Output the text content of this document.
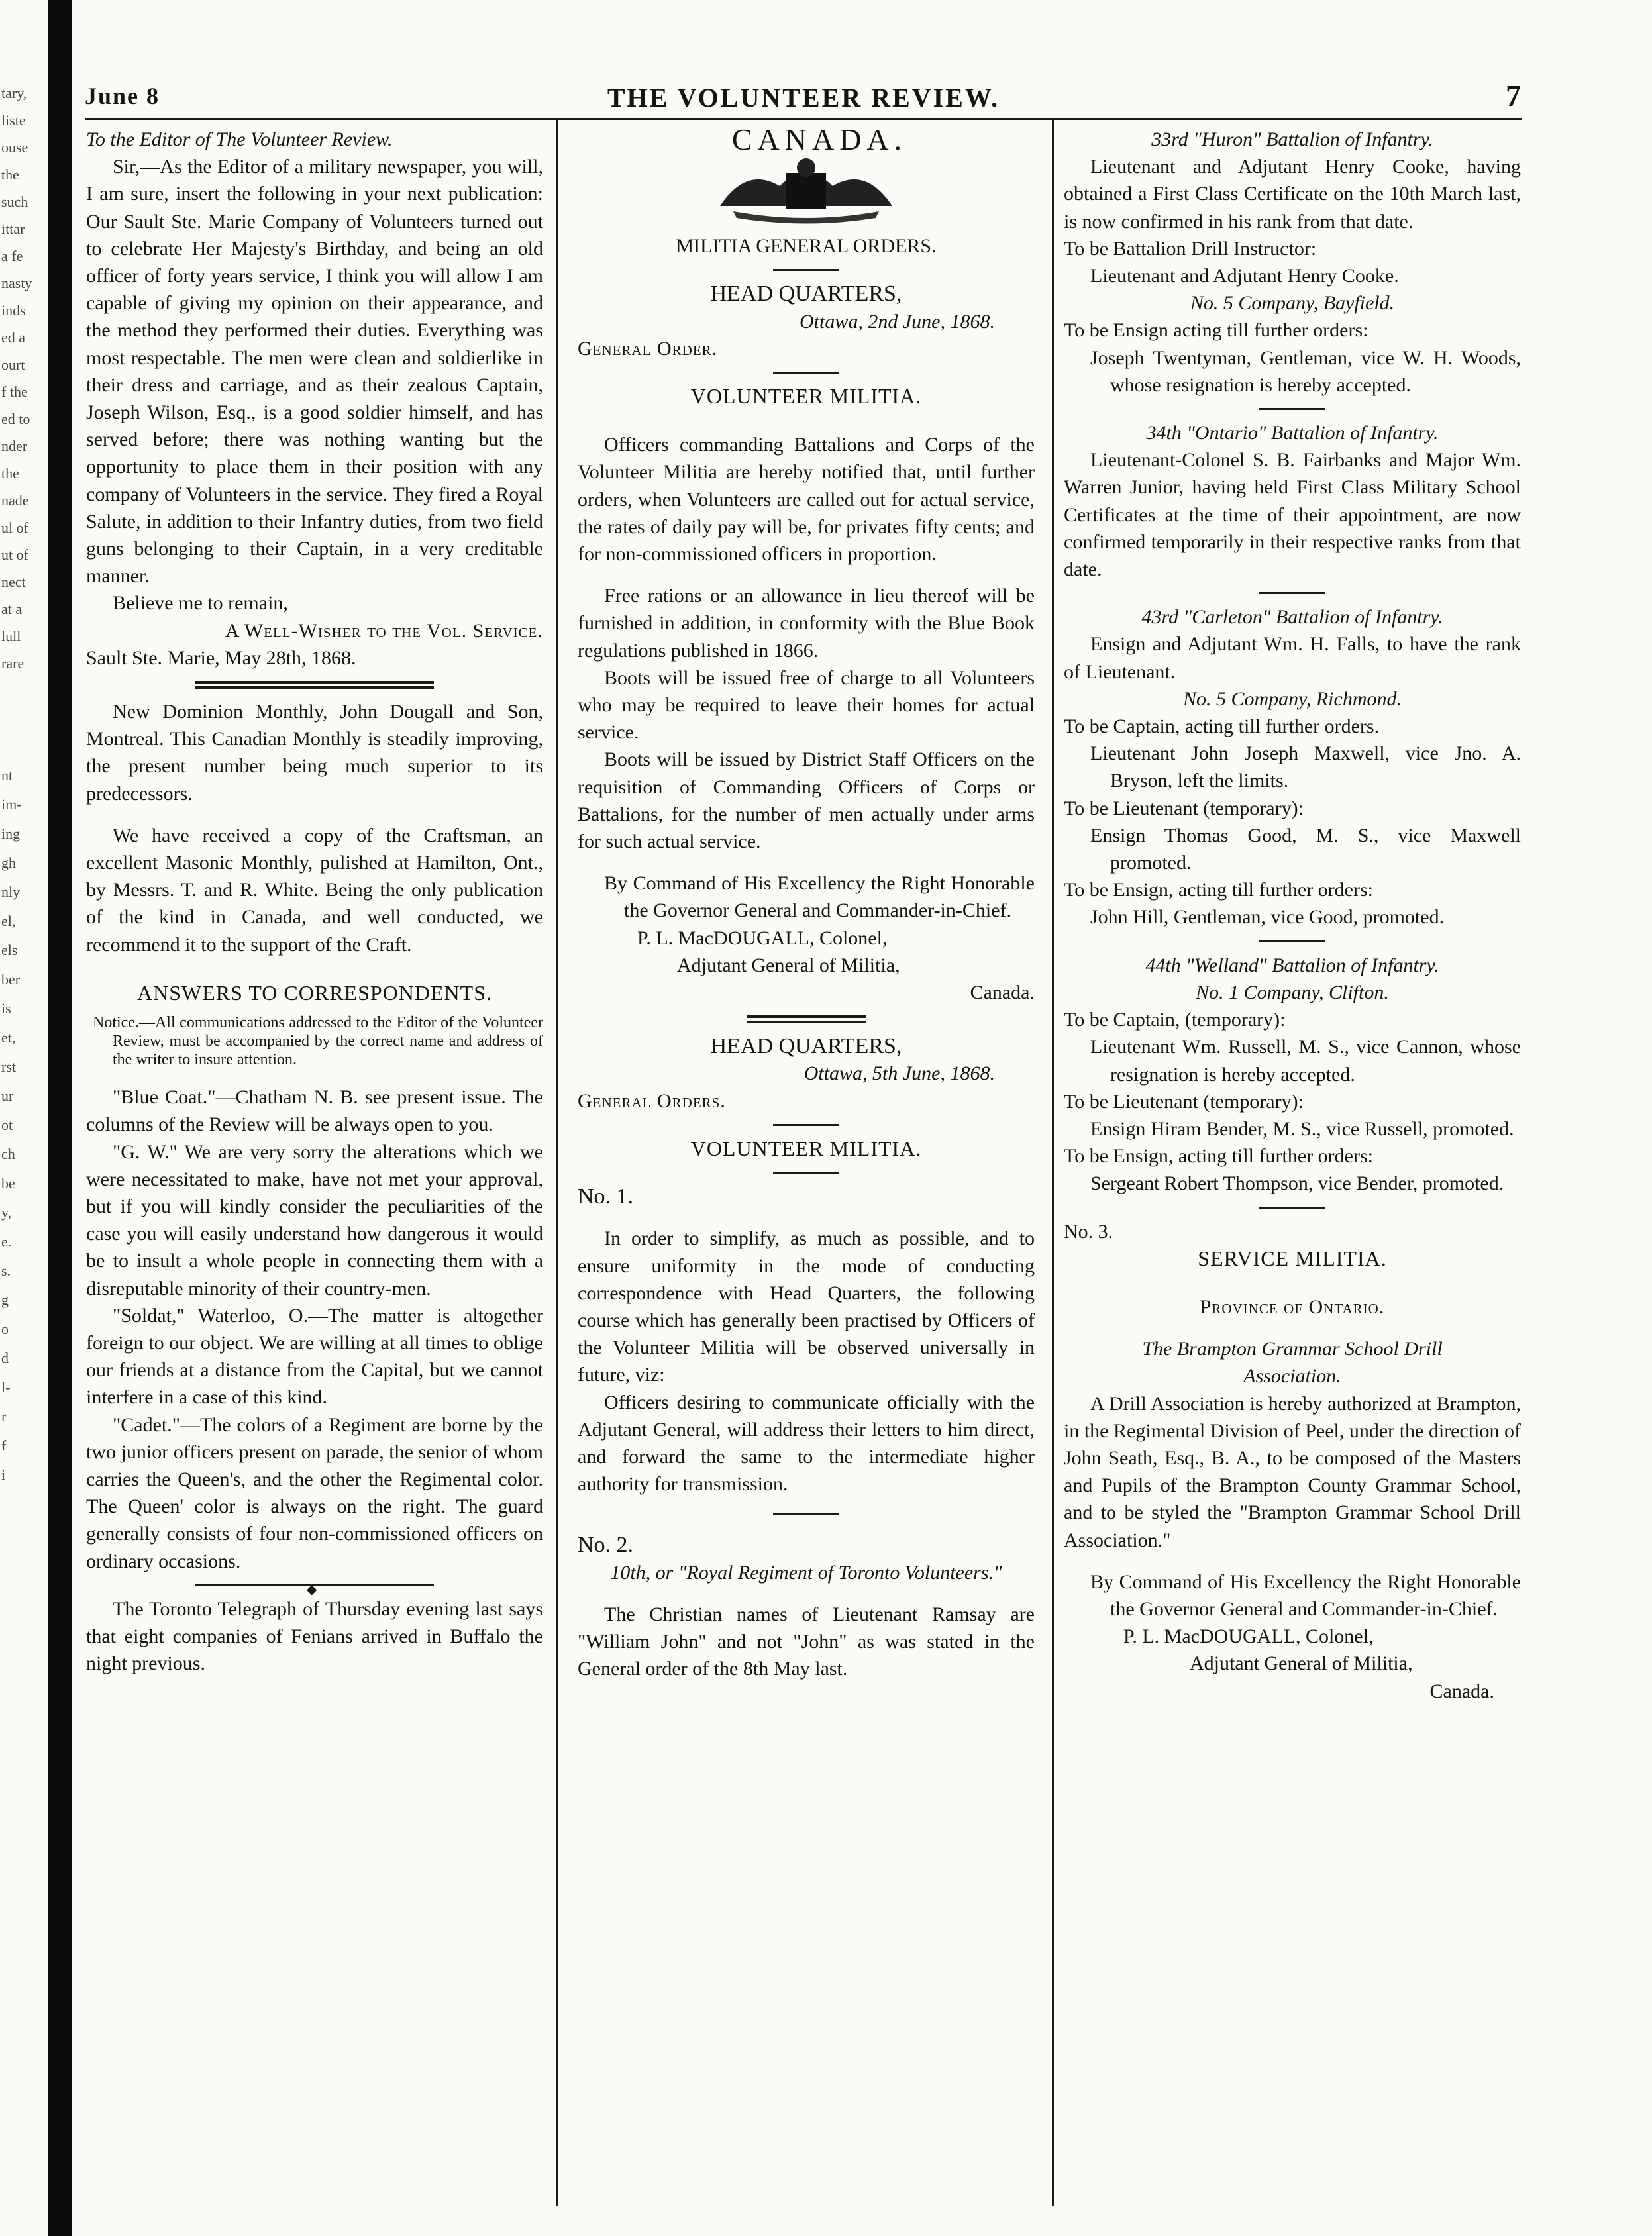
tary,
liste
ouse
the
such
ittar
a fe
nasty
inds
ed a
ourt
f the
ed to
nder
the
nade
ul of
ut of
nect
at a
lull
rare
nt
im-
ing
gh
nly
el,
els
ber
is
et,
rst
ur
ot
ch
be
y,
e.
s.
g
o
d
l-
r
f
i
June 8	THE VOLUNTEER REVIEW.	7

To the Editor of The Volunteer Review.

Sir,—As the Editor of a military newspaper, you will, I am sure, insert the following in your next publication: Our Sault Ste. Marie Company of Volunteers turned out to celebrate Her Majesty's Birthday, and being an old officer of forty years service, I think you will allow I am capable of giving my opinion on their appearance, and the method they performed their duties. Everything was most respectable. The men were clean and soldierlike in their dress and carriage, and as their zealous Captain, Joseph Wilson, Esq., is a good soldier himself, and has served before; there was nothing wanting but the opportunity to place them in their position with any company of Volunteers in the service. They fired a Royal Salute, in addition to their Infantry duties, from two field guns belonging to their Captain, in a very creditable manner.

Believe me to remain,

A Well-Wisher to the Vol. Service.

Sault Ste. Marie, May 28th, 1868.

New Dominion Monthly, John Dougall and Son, Montreal. This Canadian Monthly is steadily improving, the present number being much superior to its predecessors.

We have received a copy of the Craftsman, an excellent Masonic Monthly, pulished at Hamilton, Ont., by Messrs. T. and R. White. Being the only publication of the kind in Canada, and well conducted, we recommend it to the support of the Craft.

ANSWERS TO CORRESPONDENTS.

Notice.—All communications addressed to the Editor of the Volunteer Review, must be accompanied by the correct name and address of the writer to insure attention.

"Blue Coat."—Chatham N. B. see present issue. The columns of the Review will be always open to you.

"G. W." We are very sorry the alterations which we were necessitated to make, have not met your approval, but if you will kindly consider the peculiarities of the case you will easily understand how dangerous it would be to insult a whole people in connecting them with a disreputable minority of their country-men.

"Soldat," Waterloo, O.—The matter is altogether foreign to our object. We are willing at all times to oblige our friends at a distance from the Capital, but we cannot interfere in a case of this kind.

"Cadet."—The colors of a Regiment are borne by the two junior officers present on parade, the senior of whom carries the Queen's, and the other the Regimental color. The Queen' color is always on the right. The guard generally consists of four non-commissioned officers on ordinary occasions.

◆

The Toronto Telegraph of Thursday evening last says that eight companies of Fenians arrived in Buffalo the night previous.

CANADA.

MILITIA GENERAL ORDERS.

HEAD QUARTERS,

Ottawa, 2nd June, 1868.

General Order.

VOLUNTEER MILITIA.

Officers commanding Battalions and Corps of the Volunteer Militia are hereby notified that, until further orders, when Volunteers are called out for actual service, the rates of daily pay will be, for privates fifty cents; and for non-commissioned officers in proportion.

Free rations or an allowance in lieu thereof will be furnished in addition, in conformity with the Blue Book regulations published in 1866.

Boots will be issued free of charge to all Volunteers who may be required to leave their homes for actual service.

Boots will be issued by District Staff Officers on the requisition of Commanding Officers of Corps or Battalions, for the number of men actually under arms for such actual service.

By Command of His Excellency the Right Honorable the Governor General and Commander-in-Chief.

P. L. MacDOUGALL, Colonel,

Adjutant General of Militia,

Canada.

HEAD QUARTERS,

Ottawa, 5th June, 1868.

General Orders.

VOLUNTEER MILITIA.

No. 1.

In order to simplify, as much as possible, and to ensure uniformity in the mode of conducting correspondence with Head Quarters, the following course which has generally been practised by Officers of the Volunteer Militia will be observed universally in future, viz:

Officers desiring to communicate officially with the Adjutant General, will address their letters to him direct, and forward the same to the intermediate higher authority for transmission.

No. 2.

10th, or "Royal Regiment of Toronto Volunteers."

The Christian names of Lieutenant Ramsay are "William John" and not "John" as was stated in the General order of the 8th May last.

33rd "Huron" Battalion of Infantry.

Lieutenant and Adjutant Henry Cooke, having obtained a First Class Certificate on the 10th March last, is now confirmed in his rank from that date.

To be Battalion Drill Instructor:

Lieutenant and Adjutant Henry Cooke.

No. 5 Company, Bayfield.

To be Ensign acting till further orders:

Joseph Twentyman, Gentleman, vice W. H. Woods, whose resignation is hereby accepted.

34th "Ontario" Battalion of Infantry.

Lieutenant-Colonel S. B. Fairbanks and Major Wm. Warren Junior, having held First Class Military School Certificates at the time of their appointment, are now confirmed temporarily in their respective ranks from that date.

43rd "Carleton" Battalion of Infantry.

Ensign and Adjutant Wm. H. Falls, to have the rank of Lieutenant.

No. 5 Company, Richmond.

To be Captain, acting till further orders.

Lieutenant John Joseph Maxwell, vice Jno. A. Bryson, left the limits.

To be Lieutenant (temporary):

Ensign Thomas Good, M. S., vice Maxwell promoted.

To be Ensign, acting till further orders:

John Hill, Gentleman, vice Good, promoted.

44th "Welland" Battalion of Infantry.

No. 1 Company, Clifton.

To be Captain, (temporary):

Lieutenant Wm. Russell, M. S., vice Cannon, whose resignation is hereby accepted.

To be Lieutenant (temporary):

Ensign Hiram Bender, M. S., vice Russell, promoted.

To be Ensign, acting till further orders:

Sergeant Robert Thompson, vice Bender, promoted.

No. 3.

SERVICE MILITIA.

Province of Ontario.

The Brampton Grammar School Drill Association.

A Drill Association is hereby authorized at Brampton, in the Regimental Division of Peel, under the direction of John Seath, Esq., B. A., to be composed of the Masters and Pupils of the Brampton County Grammar School, and to be styled the "Brampton Grammar School Drill Association."

By Command of His Excellency the Right Honorable the Governor General and Commander-in-Chief.

P. L. MacDOUGALL, Colonel,

Adjutant General of Militia,

Canada.
